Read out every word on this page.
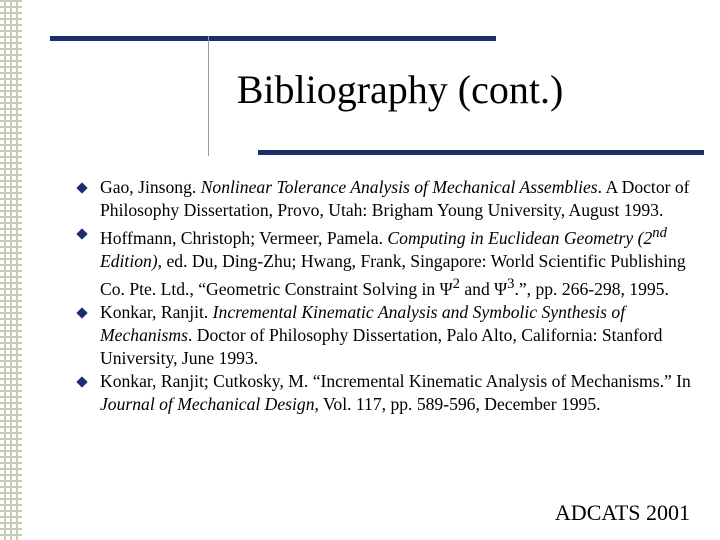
Bibliography (cont.)
Gao, Jinsong. Nonlinear Tolerance Analysis of Mechanical Assemblies. A Doctor of Philosophy Dissertation, Provo, Utah: Brigham Young University, August 1993.
Hoffmann, Christoph; Vermeer, Pamela. Computing in Euclidean Geometry (2nd Edition), ed. Du, Ding-Zhu; Hwang, Frank, Singapore: World Scientific Publishing Co. Pte. Ltd., “Geometric Constraint Solving in $\Psi^2$ and $\Psi^3$.”, pp. 266-298, 1995.
Konkar, Ranjit. Incremental Kinematic Analysis and Symbolic Synthesis of Mechanisms. Doctor of Philosophy Dissertation, Palo Alto, California: Stanford University, June 1993.
Konkar, Ranjit; Cutkosky, M. “Incremental Kinematic Analysis of Mechanisms.” In Journal of Mechanical Design, Vol. 117, pp. 589-596, December 1995.
ADCATS 2001
